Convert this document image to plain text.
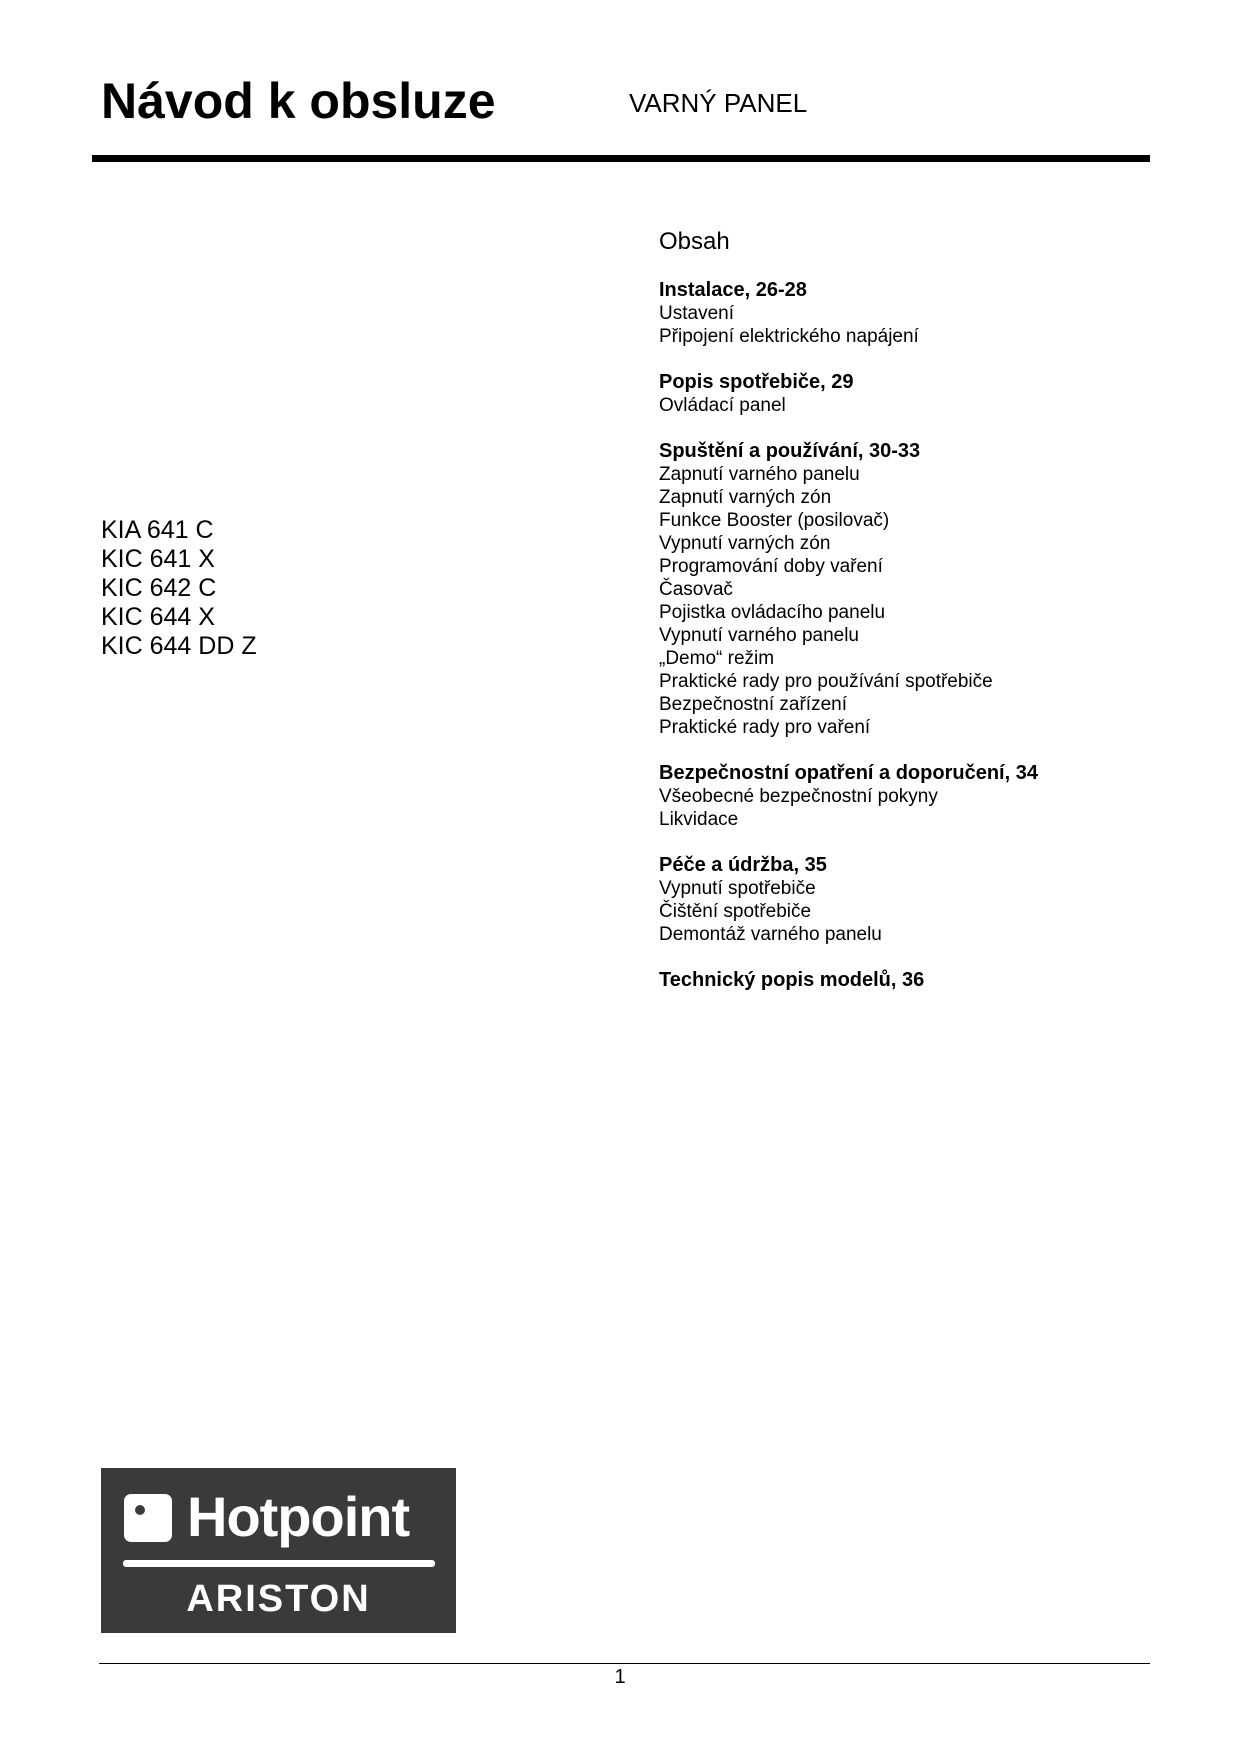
Návod k obsluze	VARNÝ PANEL
KIA 641 C
KIC 641 X
KIC 642 C
KIC 644 X
KIC 644 DD Z
Obsah
Instalace, 26-28
Ustavení
Připojení elektrického napájení
Popis spotřebiče, 29
Ovládací panel
Spuštění a používání, 30-33
Zapnutí varného panelu
Zapnutí varných zón
Funkce Booster (posilovač)
Vypnutí varných zón
Programování doby vaření
Časovač
Pojistka ovládacího panelu
Vypnutí varného panelu
„Demo“ režim
Praktické rady pro používání spotřebiče
Bezpečnostní zařízení
Praktické rady pro vaření
Bezpečnostní opatření a doporučení, 34
Všeobecné bezpečnostní pokyny
Likvidace
Péče a údržba, 35
Vypnutí spotřebiče
Čištění spotřebiče
Demontáž varného panelu
Technický popis modelů, 36
Hotpoint
ARISTON
1
